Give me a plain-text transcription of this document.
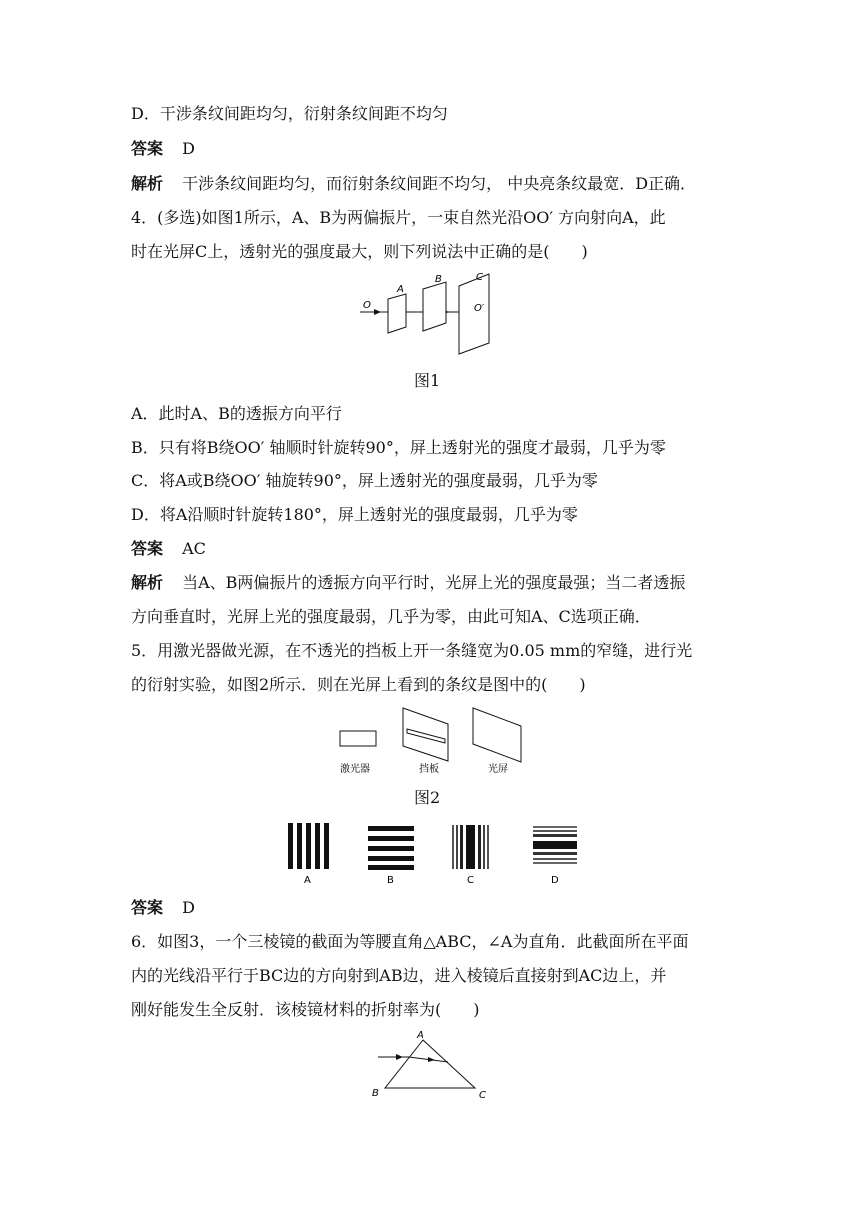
D．干涉条纹间距均匀，衍射条纹间距不均匀
答案 D
解析 干涉条纹间距均匀，而衍射条纹间距不均匀， 中央亮条纹最宽．D正确．
4．(多选)如图1所示，A、B为两偏振片，一束自然光沿OO′ 方向射向A，此
时在光屏C上，透射光的强度最大，则下列说法中正确的是(　　)
O
A
B	C
O′
图1
A．此时A、B的透振方向平行
B．只有将B绕OO′ 轴顺时针旋转90°，屏上透射光的强度才最弱，几乎为零
C．将A或B绕OO′ 轴旋转90°，屏上透射光的强度最弱，几乎为零
D．将A沿顺时针旋转180°，屏上透射光的强度最弱，几乎为零
答案 AC
解析 当A、B两偏振片的透振方向平行时，光屏上光的强度最强；当二者透振
方向垂直时，光屏上光的强度最弱，几乎为零，由此可知A、C选项正确．
5．用激光器做光源，在不透光的挡板上开一条缝宽为0.05 mm的窄缝，进行光
的衍射实验，如图2所示．则在光屏上看到的条纹是图中的(　　)
激光器	挡板	光屏
图2
A	B	C	D
答案 D
6．如图3，一个三棱镜的截面为等腰直角△ABC，∠A为直角．此截面所在平面
内的光线沿平行于BC边的方向射到AB边，进入棱镜后直接射到AC边上，并
刚好能发生全反射．该棱镜材料的折射率为(　　)
A
B	C
